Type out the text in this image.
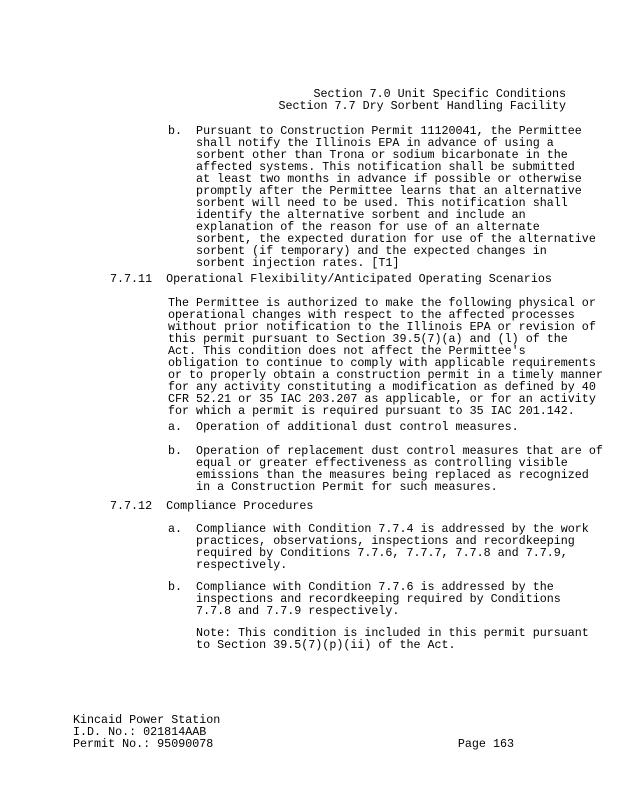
Section 7.0 Unit Specific Conditions
Section 7.7 Dry Sorbent Handling Facility
b.  Pursuant to Construction Permit 11120041, the Permittee
shall notify the Illinois EPA in advance of using a
sorbent other than Trona or sodium bicarbonate in the
affected systems. This notification shall be submitted
at least two months in advance if possible or otherwise
promptly after the Permittee learns that an alternative
sorbent will need to be used. This notification shall
identify the alternative sorbent and include an
explanation of the reason for use of an alternate
sorbent, the expected duration for use of the alternative
sorbent (if temporary) and the expected changes in
sorbent injection rates. [T1]
7.7.11  Operational Flexibility/Anticipated Operating Scenarios
The Permittee is authorized to make the following physical or
operational changes with respect to the affected processes
without prior notification to the Illinois EPA or revision of
this permit pursuant to Section 39.5(7)(a) and (l) of the
Act. This condition does not affect the Permittee's
obligation to continue to comply with applicable requirements
or to properly obtain a construction permit in a timely manner
for any activity constituting a modification as defined by 40
CFR 52.21 or 35 IAC 203.207 as applicable, or for an activity
for which a permit is required pursuant to 35 IAC 201.142.
a.  Operation of additional dust control measures.
b.  Operation of replacement dust control measures that are of
equal or greater effectiveness as controlling visible
emissions than the measures being replaced as recognized
in a Construction Permit for such measures.
7.7.12  Compliance Procedures
a.  Compliance with Condition 7.7.4 is addressed by the work
practices, observations, inspections and recordkeeping
required by Conditions 7.7.6, 7.7.7, 7.7.8 and 7.7.9,
respectively.
b.  Compliance with Condition 7.7.6 is addressed by the
inspections and recordkeeping required by Conditions
7.7.8 and 7.7.9 respectively.
Note: This condition is included in this permit pursuant
to Section 39.5(7)(p)(ii) of the Act.
Kincaid Power Station
I.D. No.: 021814AAB
Permit No.: 95090078	Page 163
